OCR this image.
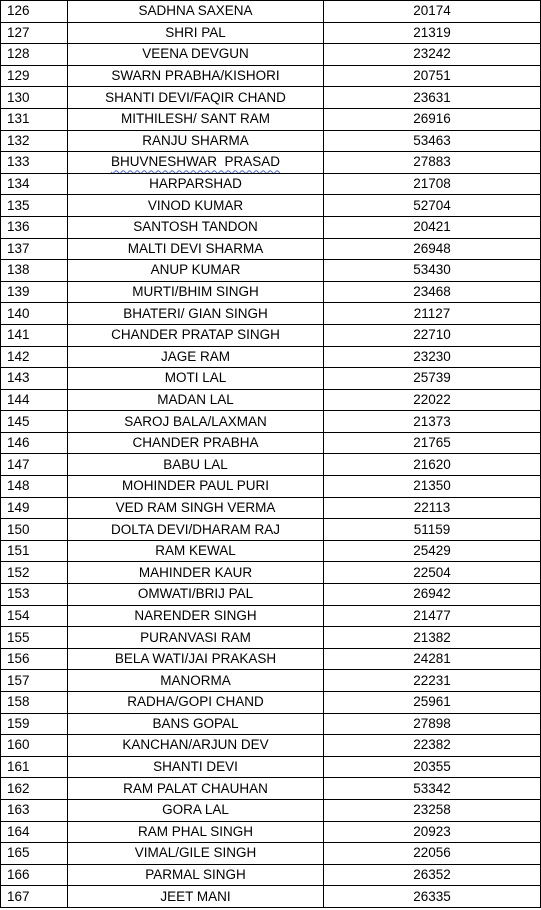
126	SADHNA SAXENA	20174
127	SHRI PAL	21319
128	VEENA DEVGUN	23242
129	SWARN PRABHA/KISHORI	20751
130	SHANTI DEVI/FAQIR CHAND	23631
131	MITHILESH/ SANT RAM	26916
132	RANJU SHARMA	53463
133	BHUVNESHWAR  PRASAD	27883
134	HARPARSHAD	21708
135	VINOD KUMAR	52704
136	SANTOSH TANDON	20421
137	MALTI DEVI SHARMA	26948
138	ANUP KUMAR	53430
139	MURTI/BHIM SINGH	23468
140	BHATERI/ GIAN SINGH	21127
141	CHANDER PRATAP SINGH	22710
142	JAGE RAM	23230
143	MOTI LAL	25739
144	MADAN LAL	22022
145	SAROJ BALA/LAXMAN	21373
146	CHANDER PRABHA	21765
147	BABU LAL	21620
148	MOHINDER PAUL PURI	21350
149	VED RAM SINGH VERMA	22113
150	DOLTA DEVI/DHARAM RAJ	51159
151	RAM KEWAL	25429
152	MAHINDER KAUR	22504
153	OMWATI/BRIJ PAL	26942
154	NARENDER SINGH	21477
155	PURANVASI RAM	21382
156	BELA WATI/JAI PRAKASH	24281
157	MANORMA	22231
158	RADHA/GOPI CHAND	25961
159	BANS GOPAL	27898
160	KANCHAN/ARJUN DEV	22382
161	SHANTI DEVI	20355
162	RAM PALAT CHAUHAN	53342
163	GORA LAL	23258
164	RAM PHAL SINGH	20923
165	VIMAL/GILE SINGH	22056
166	PARMAL SINGH	26352
167	JEET MANI	26335
